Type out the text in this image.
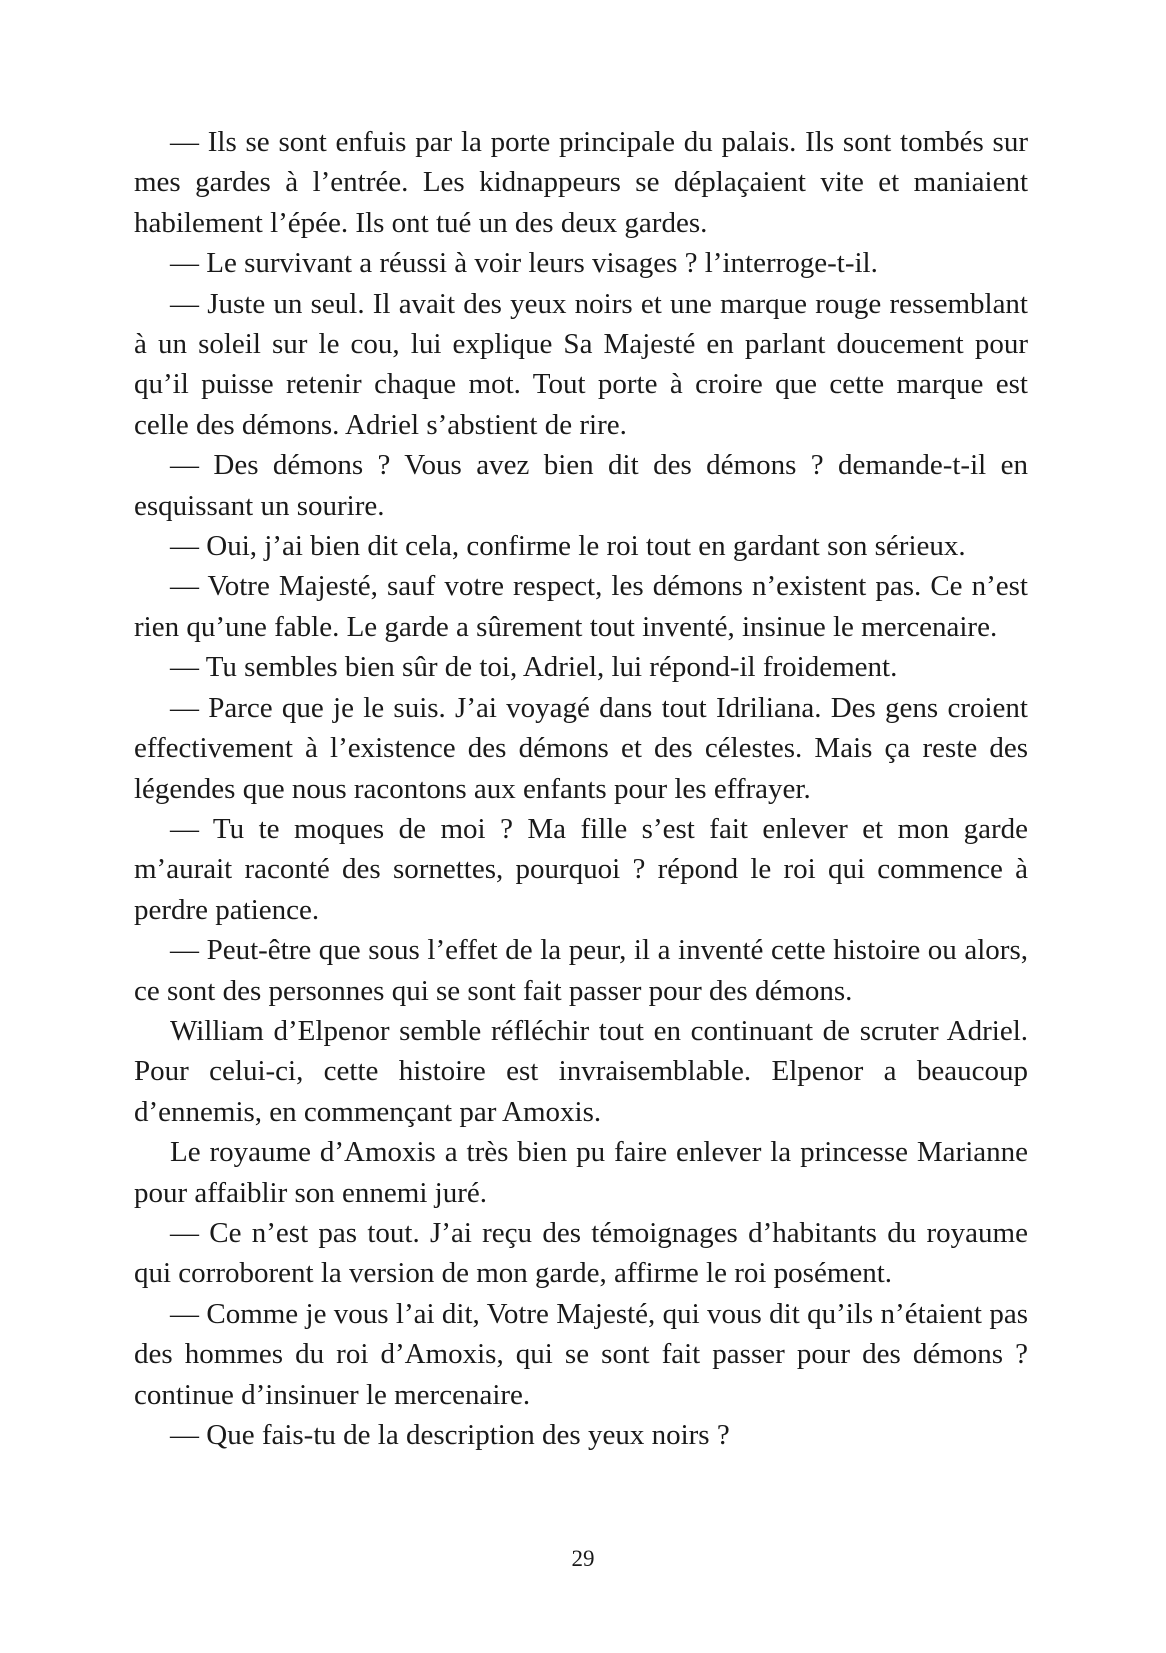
— Ils se sont enfuis par la porte principale du palais. Ils sont tombés sur mes gardes à l’entrée. Les kidnappeurs se déplaçaient vite et maniaient habilement l’épée. Ils ont tué un des deux gardes.

— Le survivant a réussi à voir leurs visages ? l’interroge-t-il.

— Juste un seul. Il avait des yeux noirs et une marque rouge ressemblant à un soleil sur le cou, lui explique Sa Majesté en parlant doucement pour qu’il puisse retenir chaque mot. Tout porte à croire que cette marque est celle des démons. Adriel s’abstient de rire.

— Des démons ? Vous avez bien dit des démons ? demande-t-il en esquissant un sourire.

— Oui, j’ai bien dit cela, confirme le roi tout en gardant son sérieux.

— Votre Majesté, sauf votre respect, les démons n’existent pas. Ce n’est rien qu’une fable. Le garde a sûrement tout inventé, insinue le mercenaire.

— Tu sembles bien sûr de toi, Adriel, lui répond-il froidement.

— Parce que je le suis. J’ai voyagé dans tout Idriliana. Des gens croient effectivement à l’existence des démons et des célestes. Mais ça reste des légendes que nous racontons aux enfants pour les effrayer.

— Tu te moques de moi ? Ma fille s’est fait enlever et mon garde m’aurait raconté des sornettes, pourquoi ? répond le roi qui commence à perdre patience.

— Peut-être que sous l’effet de la peur, il a inventé cette histoire ou alors, ce sont des personnes qui se sont fait passer pour des démons.

William d’Elpenor semble réfléchir tout en continuant de scruter Adriel. Pour celui-ci, cette histoire est invraisemblable. Elpenor a beaucoup d’ennemis, en commençant par Amoxis.

Le royaume d’Amoxis a très bien pu faire enlever la princesse Marianne pour affaiblir son ennemi juré.

— Ce n’est pas tout. J’ai reçu des témoignages d’habitants du royaume qui corroborent la version de mon garde, affirme le roi posément.

— Comme je vous l’ai dit, Votre Majesté, qui vous dit qu’ils n’étaient pas des hommes du roi d’Amoxis, qui se sont fait passer pour des démons ? continue d’insinuer le mercenaire.

— Que fais-tu de la description des yeux noirs ?

29
